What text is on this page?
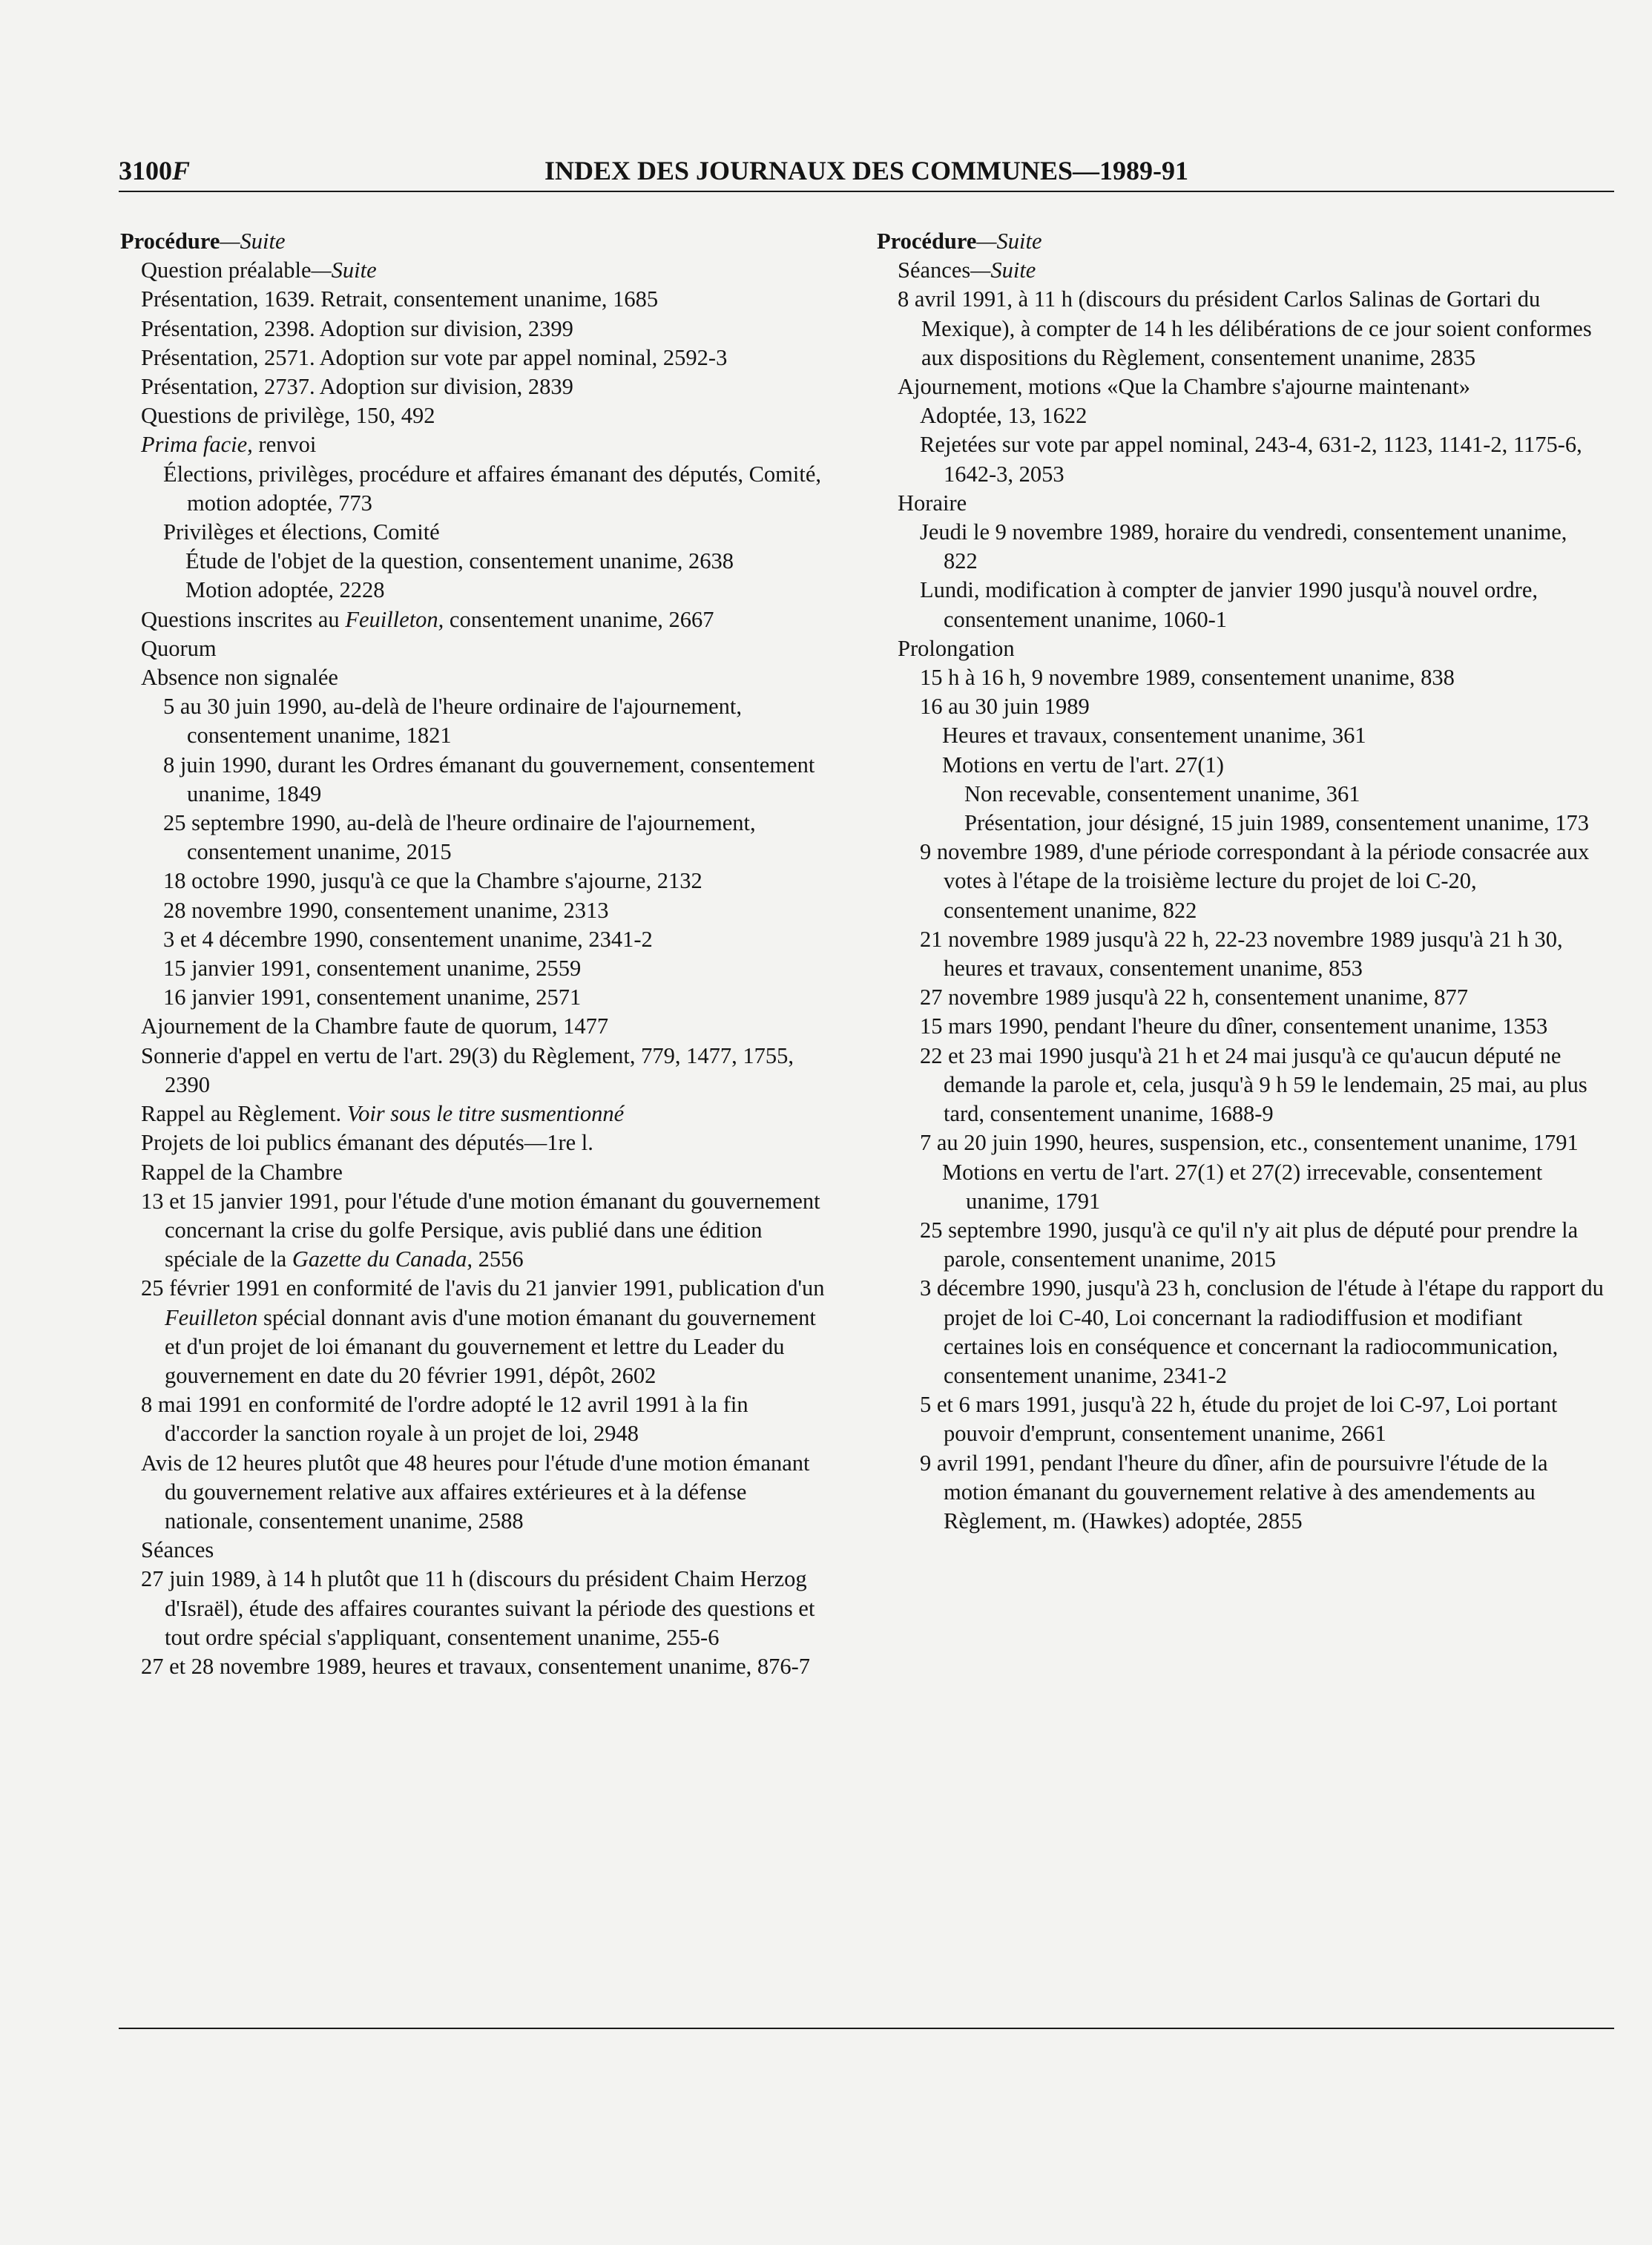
3100F	INDEX DES JOURNAUX DES COMMUNES—1989-91

Procédure—Suite

Question préalable—Suite

Présentation, 1639. Retrait, consentement unanime, 1685

Présentation, 2398. Adoption sur division, 2399

Présentation, 2571. Adoption sur vote par appel nominal, 2592-3

Présentation, 2737. Adoption sur division, 2839

Questions de privilège, 150, 492

Prima facie, renvoi

Élections, privilèges, procédure et affaires émanant des députés, Comité, motion adoptée, 773

Privilèges et élections, Comité

Étude de l'objet de la question, consentement unanime, 2638

Motion adoptée, 2228

Questions inscrites au Feuilleton, consentement unanime, 2667

Quorum

Absence non signalée

5 au 30 juin 1990, au-delà de l'heure ordinaire de l'ajournement, consentement unanime, 1821

8 juin 1990, durant les Ordres émanant du gouvernement, consentement unanime, 1849

25 septembre 1990, au-delà de l'heure ordinaire de l'ajournement, consentement unanime, 2015

18 octobre 1990, jusqu'à ce que la Chambre s'ajourne, 2132

28 novembre 1990, consentement unanime, 2313

3 et 4 décembre 1990, consentement unanime, 2341-2

15 janvier 1991, consentement unanime, 2559

16 janvier 1991, consentement unanime, 2571

Ajournement de la Chambre faute de quorum, 1477

Sonnerie d'appel en vertu de l'art. 29(3) du Règlement, 779, 1477, 1755, 2390

Rappel au Règlement. Voir sous le titre susmentionné

Projets de loi publics émanant des députés—1re l.

Rappel de la Chambre

13 et 15 janvier 1991, pour l'étude d'une motion émanant du gouvernement concernant la crise du golfe Persique, avis publié dans une édition spéciale de la Gazette du Canada, 2556

25 février 1991 en conformité de l'avis du 21 janvier 1991, publication d'un Feuilleton spécial donnant avis d'une motion émanant du gouvernement et d'un projet de loi émanant du gouvernement et lettre du Leader du gouvernement en date du 20 février 1991, dépôt, 2602

8 mai 1991 en conformité de l'ordre adopté le 12 avril 1991 à la fin d'accorder la sanction royale à un projet de loi, 2948

Avis de 12 heures plutôt que 48 heures pour l'étude d'une motion émanant du gouvernement relative aux affaires extérieures et à la défense nationale, consentement unanime, 2588

Séances

27 juin 1989, à 14 h plutôt que 11 h (discours du président Chaim Herzog d'Israël), étude des affaires courantes suivant la période des questions et tout ordre spécial s'appliquant, consentement unanime, 255-6

27 et 28 novembre 1989, heures et travaux, consentement unanime, 876-7

Procédure—Suite

Séances—Suite

8 avril 1991, à 11 h (discours du président Carlos Salinas de Gortari du Mexique), à compter de 14 h les délibérations de ce jour soient conformes aux dispositions du Règlement, consentement unanime, 2835

Ajournement, motions «Que la Chambre s'ajourne maintenant»

Adoptée, 13, 1622

Rejetées sur vote par appel nominal, 243-4, 631-2, 1123, 1141-2, 1175-6, 1642-3, 2053

Horaire

Jeudi le 9 novembre 1989, horaire du vendredi, consentement unanime, 822

Lundi, modification à compter de janvier 1990 jusqu'à nouvel ordre, consentement unanime, 1060-1

Prolongation

15 h à 16 h, 9 novembre 1989, consentement unanime, 838

16 au 30 juin 1989

Heures et travaux, consentement unanime, 361

Motions en vertu de l'art. 27(1)

Non recevable, consentement unanime, 361

Présentation, jour désigné, 15 juin 1989, consentement unanime, 173

9 novembre 1989, d'une période correspondant à la période consacrée aux votes à l'étape de la troisième lecture du projet de loi C-20, consentement unanime, 822

21 novembre 1989 jusqu'à 22 h, 22-23 novembre 1989 jusqu'à 21 h 30, heures et travaux, consentement unanime, 853

27 novembre 1989 jusqu'à 22 h, consentement unanime, 877

15 mars 1990, pendant l'heure du dîner, consentement unanime, 1353

22 et 23 mai 1990 jusqu'à 21 h et 24 mai jusqu'à ce qu'aucun député ne demande la parole et, cela, jusqu'à 9 h 59 le lendemain, 25 mai, au plus tard, consentement unanime, 1688-9

7 au 20 juin 1990, heures, suspension, etc., consentement unanime, 1791

Motions en vertu de l'art. 27(1) et 27(2) irrecevable, consentement unanime, 1791

25 septembre 1990, jusqu'à ce qu'il n'y ait plus de député pour prendre la parole, consentement unanime, 2015

3 décembre 1990, jusqu'à 23 h, conclusion de l'étude à l'étape du rapport du projet de loi C-40, Loi concernant la radiodiffusion et modifiant certaines lois en conséquence et concernant la radiocommunication, consentement unanime, 2341-2

5 et 6 mars 1991, jusqu'à 22 h, étude du projet de loi C-97, Loi portant pouvoir d'emprunt, consentement unanime, 2661

9 avril 1991, pendant l'heure du dîner, afin de poursuivre l'étude de la motion émanant du gouvernement relative à des amendements au Règlement, m. (Hawkes) adoptée, 2855
